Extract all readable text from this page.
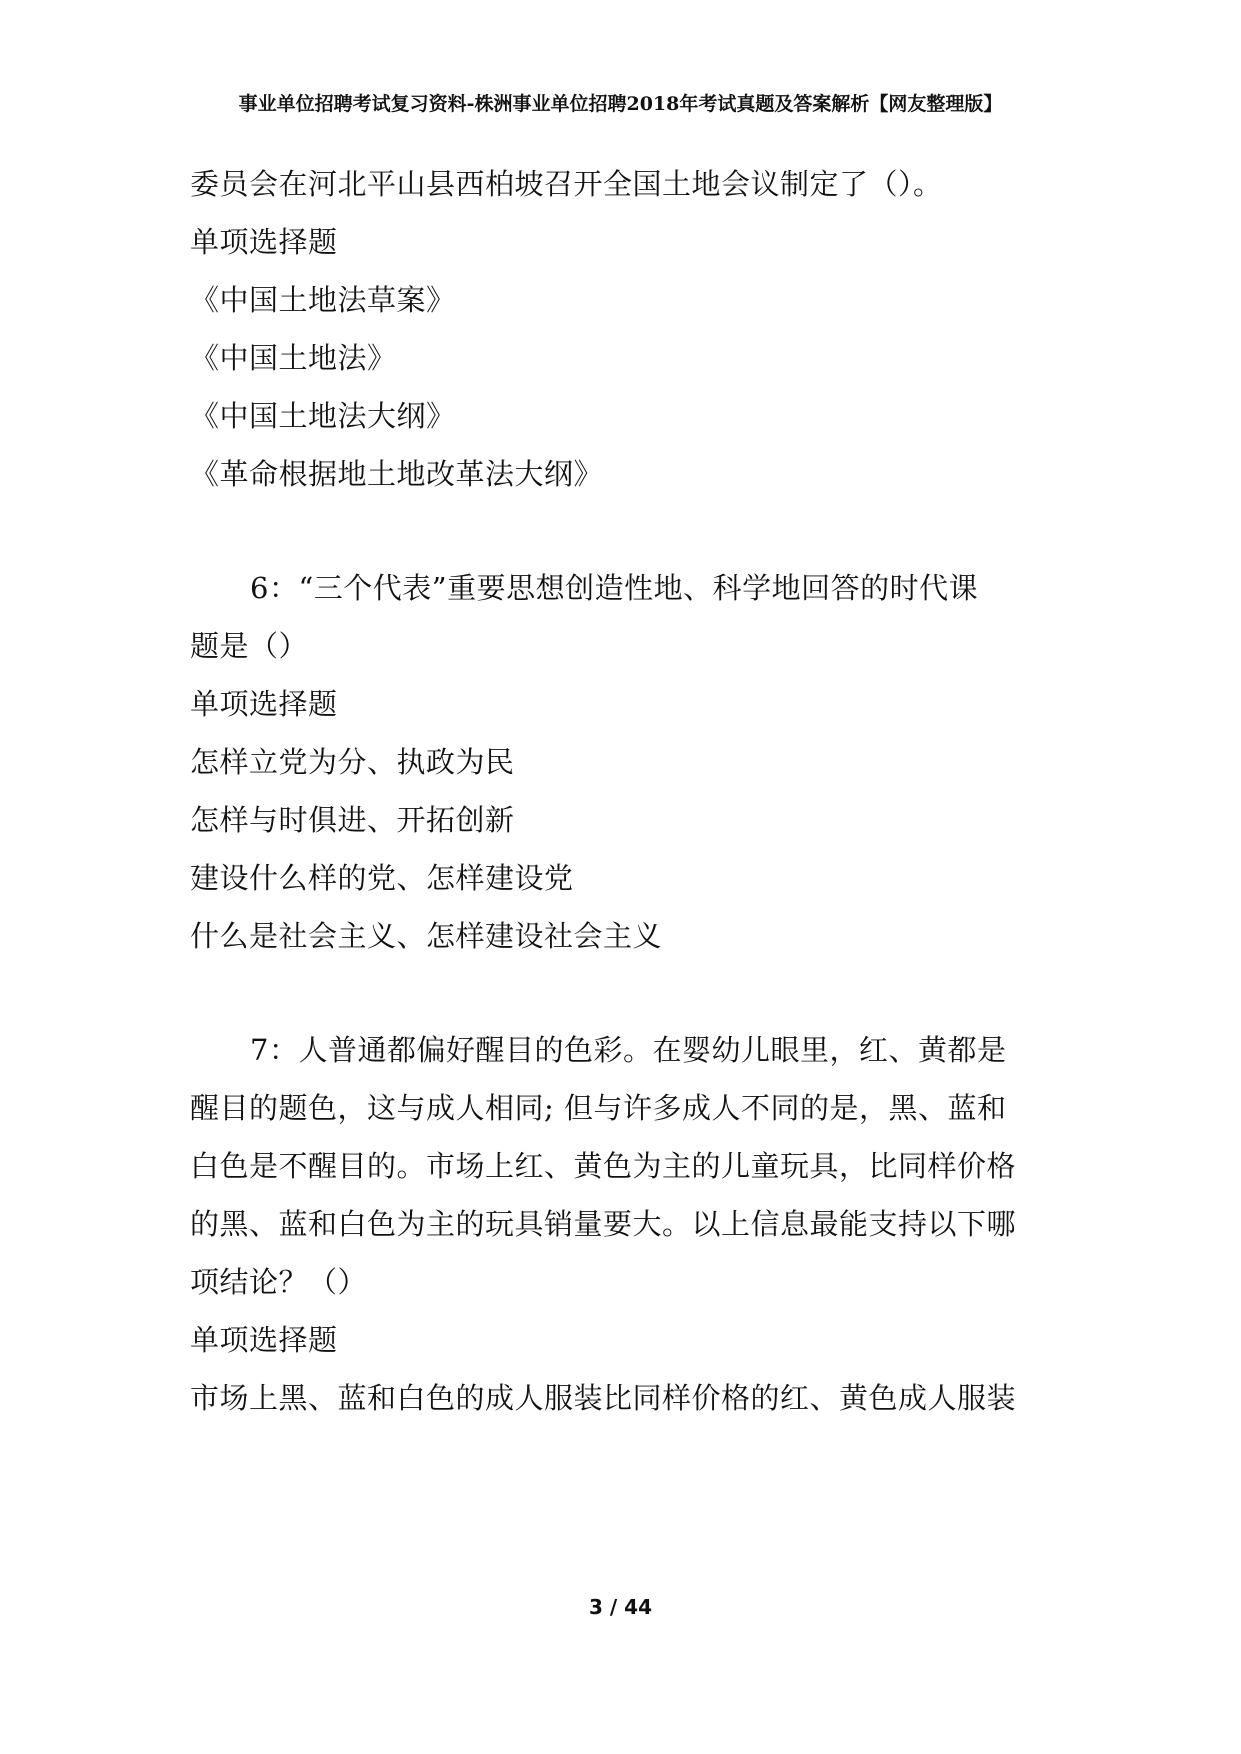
事业单位招聘考试复习资料-株洲事业单位招聘2018年考试真题及答案解析【网友整理版】
委员会在河北平山县西柏坡召开全国土地会议制定了（）。
单项选择题
《中国土地法草案》
《中国土地法》
《中国土地法大纲》
《革命根据地土地改革法大纲》
6：“三个代表”重要思想创造性地、科学地回答的时代课
题是（）
单项选择题
怎样立党为分、执政为民
怎样与时俱进、开拓创新
建设什么样的党、怎样建设党
什么是社会主义、怎样建设社会主义
7：人普通都偏好醒目的色彩。在婴幼儿眼里，红、黄都是
醒目的题色，这与成人相同; 但与许多成人不同的是，黑、蓝和
白色是不醒目的。市场上红、黄色为主的儿童玩具，比同样价格
的黑、蓝和白色为主的玩具销量要大。以上信息最能支持以下哪
项结论？（）
单项选择题
市场上黑、蓝和白色的成人服装比同样价格的红、黄色成人服装
3 / 44
